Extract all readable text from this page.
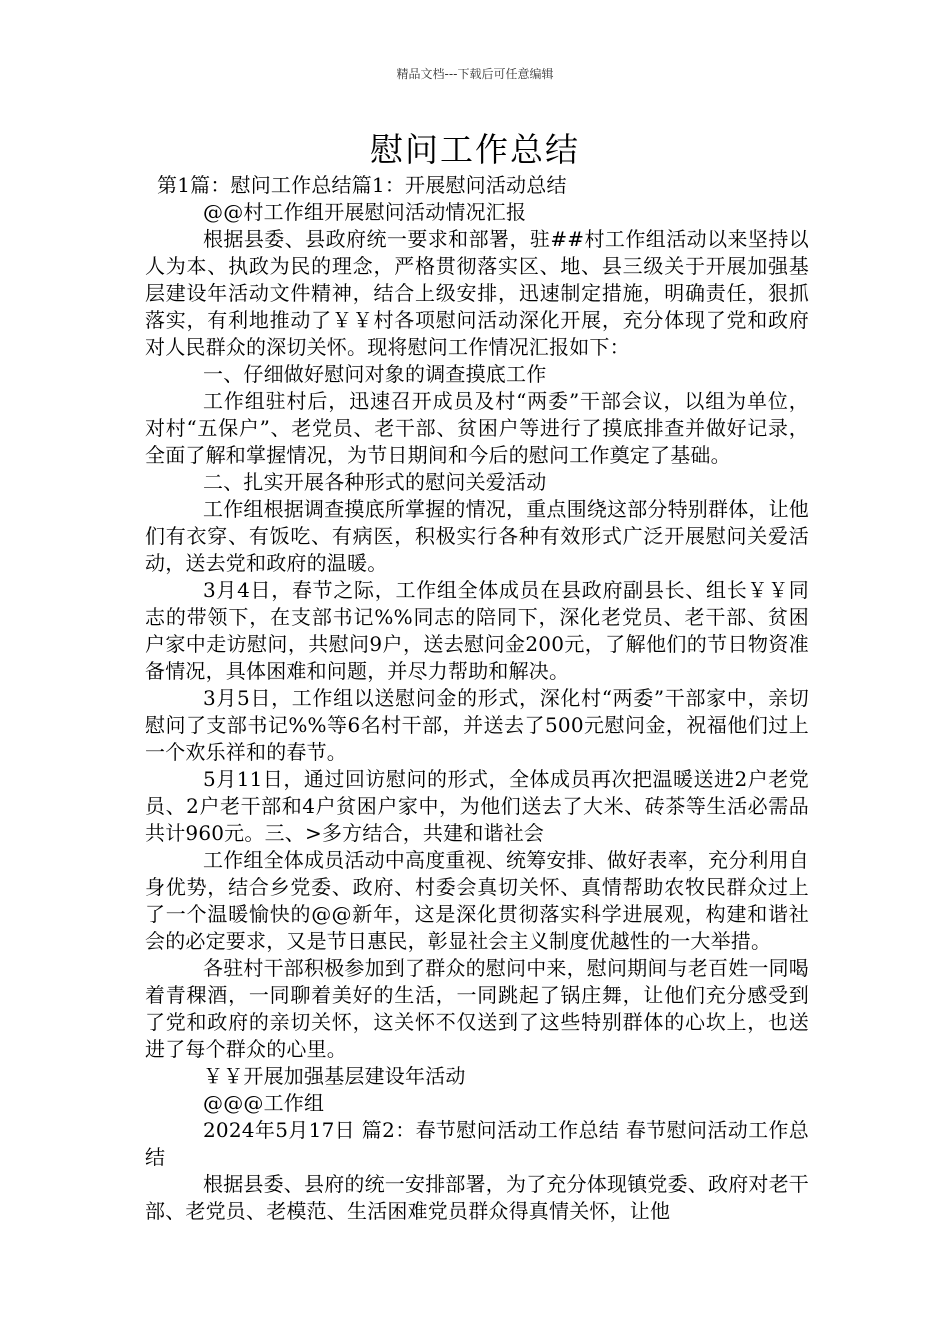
精品文档---下载后可任意编辑
慰问工作总结

第1篇：慰问工作总结篇1：开展慰问活动总结

@@村工作组开展慰问活动情况汇报

根据县委、县政府统一要求和部署，驻##村工作组活动以来坚持以人为本、执政为民的理念，严格贯彻落实区、地、县三级关于开展加强基层建设年活动文件精神，结合上级安排，迅速制定措施，明确责任，狠抓落实，有利地推动了￥￥村各项慰问活动深化开展，充分体现了党和政府对人民群众的深切关怀。现将慰问工作情况汇报如下：

一、仔细做好慰问对象的调查摸底工作

工作组驻村后，迅速召开成员及村“两委”干部会议，以组为单位，对村“五保户”、老党员、老干部、贫困户等进行了摸底排查并做好记录，全面了解和掌握情况，为节日期间和今后的慰问工作奠定了基础。

二、扎实开展各种形式的慰问关爱活动

工作组根据调查摸底所掌握的情况，重点围绕这部分特别群体，让他们有衣穿、有饭吃、有病医，积极实行各种有效形式广泛开展慰问关爱活动，送去党和政府的温暖。

3月4日，春节之际，工作组全体成员在县政府副县长、组长￥￥同志的带领下，在支部书记%%同志的陪同下，深化老党员、老干部、贫困户家中走访慰问，共慰问9户，送去慰问金200元，了解他们的节日物资准备情况，具体困难和问题，并尽力帮助和解决。

3月5日，工作组以送慰问金的形式，深化村“两委”干部家中，亲切慰问了支部书记%%等6名村干部，并送去了500元慰问金，祝福他们过上一个欢乐祥和的春节。

5月11日，通过回访慰问的形式，全体成员再次把温暖送进2户老党员、2户老干部和4户贫困户家中，为他们送去了大米、砖茶等生活必需品共计960元。三、>多方结合，共建和谐社会

工作组全体成员活动中高度重视、统筹安排、做好表率，充分利用自身优势，结合乡党委、政府、村委会真切关怀、真情帮助农牧民群众过上了一个温暖愉快的@@新年，这是深化贯彻落实科学进展观，构建和谐社会的必定要求，又是节日惠民，彰显社会主义制度优越性的一大举措。

各驻村干部积极参加到了群众的慰问中来，慰问期间与老百姓一同喝着青稞酒，一同聊着美好的生活，一同跳起了锅庄舞，让他们充分感受到了党和政府的亲切关怀，这关怀不仅送到了这些特别群体的心坎上，也送进了每个群众的心里。

￥￥开展加强基层建设年活动

@@@工作组

2024年5月17日 篇2：春节慰问活动工作总结 春节慰问活动工作总结

根据县委、县府的统一安排部署，为了充分体现镇党委、政府对老干部、老党员、老模范、生活困难党员群众得真情关怀，让他
